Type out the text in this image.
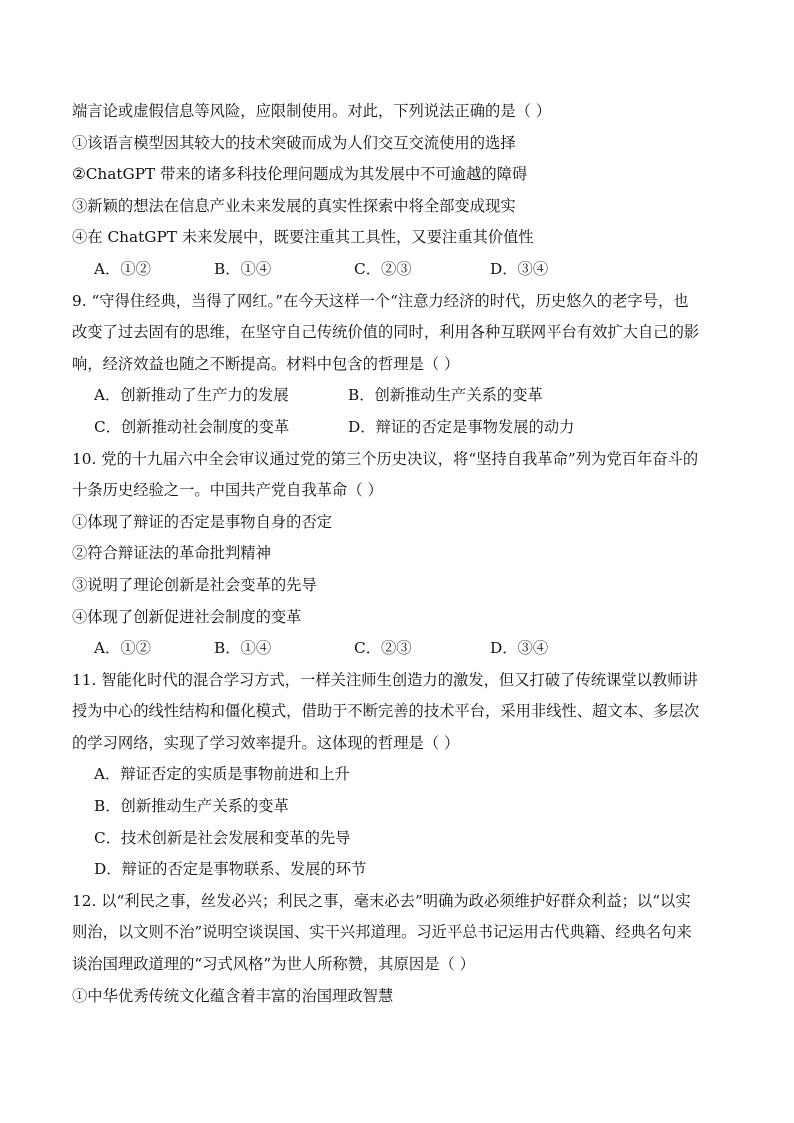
端言论或虚假信息等风险，应限制使用。对此，下列说法正确的是（ ）
①该语言模型因其较大的技术突破而成为人们交互交流使用的选择
②ChatGPT 带来的诸多科技伦理问题成为其发展中不可逾越的障碍
③新颖的想法在信息产业未来发展的真实性探索中将全部变成现实
④在 ChatGPT 未来发展中，既要注重其工具性，又要注重其价值性
A．①②	B．①④	C．②③	D．③④
9. “守得住经典，当得了网红。”在今天这样一个“注意力经济的时代，历史悠久的老字号，也
改变了过去固有的思维，在坚守自己传统价值的同时，利用各种互联网平台有效扩大自己的影
响，经济效益也随之不断提高。材料中包含的哲理是（ ）
A．创新推动了生产力的发展	B．创新推动生产关系的变革
C．创新推动社会制度的变革	D．辩证的否定是事物发展的动力
10. 党的十九届六中全会审议通过党的第三个历史决议，将“坚持自我革命”列为党百年奋斗的
十条历史经验之一。中国共产党自我革命（ ）
①体现了辩证的否定是事物自身的否定
②符合辩证法的革命批判精神
③说明了理论创新是社会变革的先导
④体现了创新促进社会制度的变革
A．①②	B．①④	C．②③	D．③④
11. 智能化时代的混合学习方式，一样关注师生创造力的激发，但又打破了传统课堂以教师讲
授为中心的线性结构和僵化模式，借助于不断完善的技术平台，采用非线性、超文本、多层次
的学习网络，实现了学习效率提升。这体现的哲理是（ ）
A．辩证否定的实质是事物前进和上升
B．创新推动生产关系的变革
C．技术创新是社会发展和变革的先导
D．辩证的否定是事物联系、发展的环节
12. 以“利民之事，丝发必兴；利民之事，毫末必去”明确为政必须维护好群众利益；以“以实
则治，以文则不治”说明空谈误国、实干兴邦道理。习近平总书记运用古代典籍、经典名句来
谈治国理政道理的“习式风格”为世人所称赞，其原因是（ ）
①中华优秀传统文化蕴含着丰富的治国理政智慧
